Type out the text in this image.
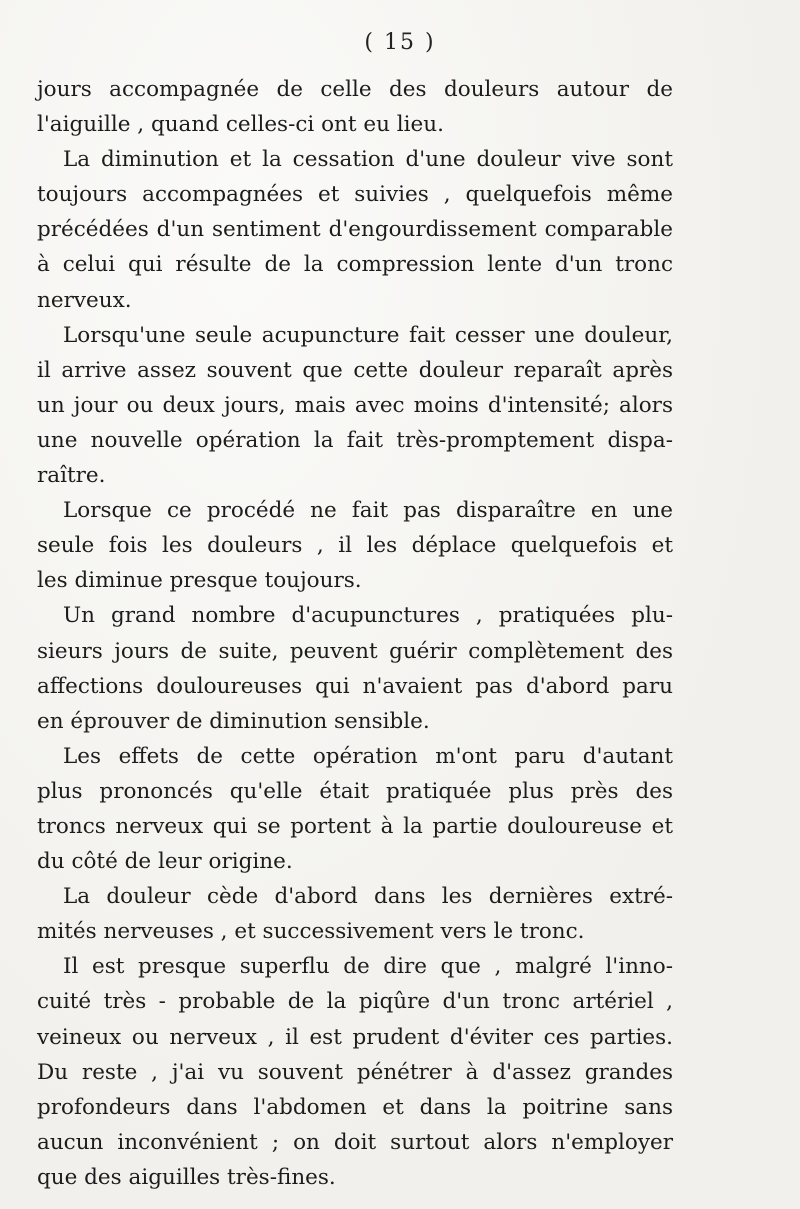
( 15 )
jours accompagnée de celle des douleurs autour de
l'aiguille , quand celles-ci ont eu lieu.
La diminution et la cessation d'une douleur vive sont
toujours accompagnées et suivies , quelquefois même
précédées d'un sentiment d'engourdissement comparable
à celui qui résulte de la compression lente d'un tronc
nerveux.
Lorsqu'une seule acupuncture fait cesser une douleur,
il arrive assez souvent que cette douleur reparaît après
un jour ou deux jours, mais avec moins d'intensité; alors
une nouvelle opération la fait très-promptement dispa-
raître.
Lorsque ce procédé ne fait pas disparaître en une
seule fois les douleurs , il les déplace quelquefois et
les diminue presque toujours.
Un grand nombre d'acupunctures , pratiquées plu-
sieurs jours de suite, peuvent guérir complètement des
affections douloureuses qui n'avaient pas d'abord paru
en éprouver de diminution sensible.
Les effets de cette opération m'ont paru d'autant
plus prononcés qu'elle était pratiquée plus près des
troncs nerveux qui se portent à la partie douloureuse et
du côté de leur origine.
La douleur cède d'abord dans les dernières extré-
mités nerveuses , et successivement vers le tronc.
Il est presque superflu de dire que , malgré l'inno-
cuité très - probable de la piqûre d'un tronc artériel ,
veineux ou nerveux , il est prudent d'éviter ces parties.
Du reste , j'ai vu souvent pénétrer à d'assez grandes
profondeurs dans l'abdomen et dans la poitrine sans
aucun inconvénient ; on doit surtout alors n'employer
que des aiguilles très-fines.
